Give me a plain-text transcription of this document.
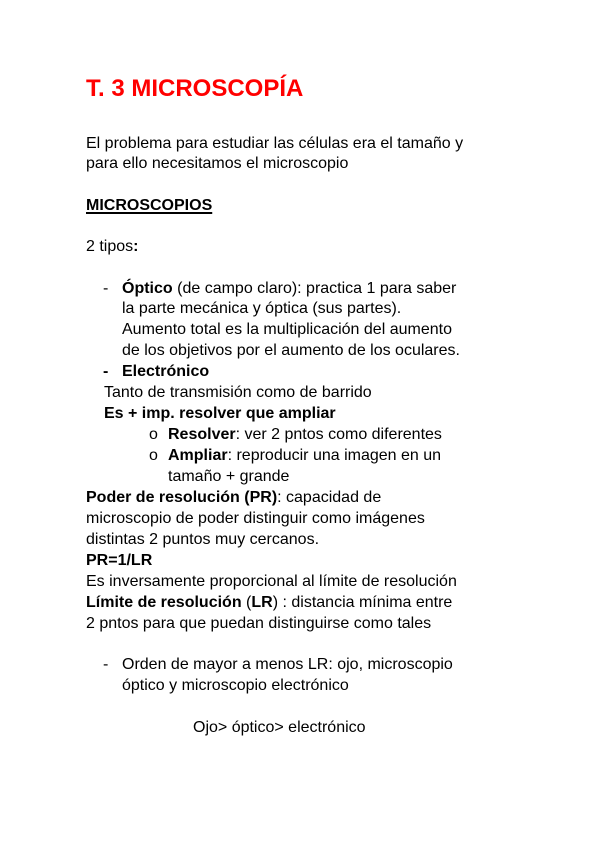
T. 3 MICROSCOPÍA
El problema para estudiar las células era el tamaño y
para ello necesitamos el microscopio
MICROSCOPIOS
2 tipos:
- Óptico (de campo claro): practica 1 para saber
la parte mecánica y óptica (sus partes).
Aumento total es la multiplicación del aumento
de los objetivos por el aumento de los oculares.
- Electrónico
Tanto de transmisión como de barrido
Es + imp. resolver que ampliar
o Resolver: ver 2 pntos como diferentes
o Ampliar: reproducir una imagen en un
tamaño + grande
Poder de resolución (PR): capacidad de
microscopio de poder distinguir como imágenes
distintas 2 puntos muy cercanos.
PR=1/LR
Es inversamente proporcional al límite de resolución
Límite de resolución (LR) : distancia mínima entre
2 pntos para que puedan distinguirse como tales
- Orden de mayor a menos LR: ojo, microscopio
óptico y microscopio electrónico
Ojo> óptico> electrónico
